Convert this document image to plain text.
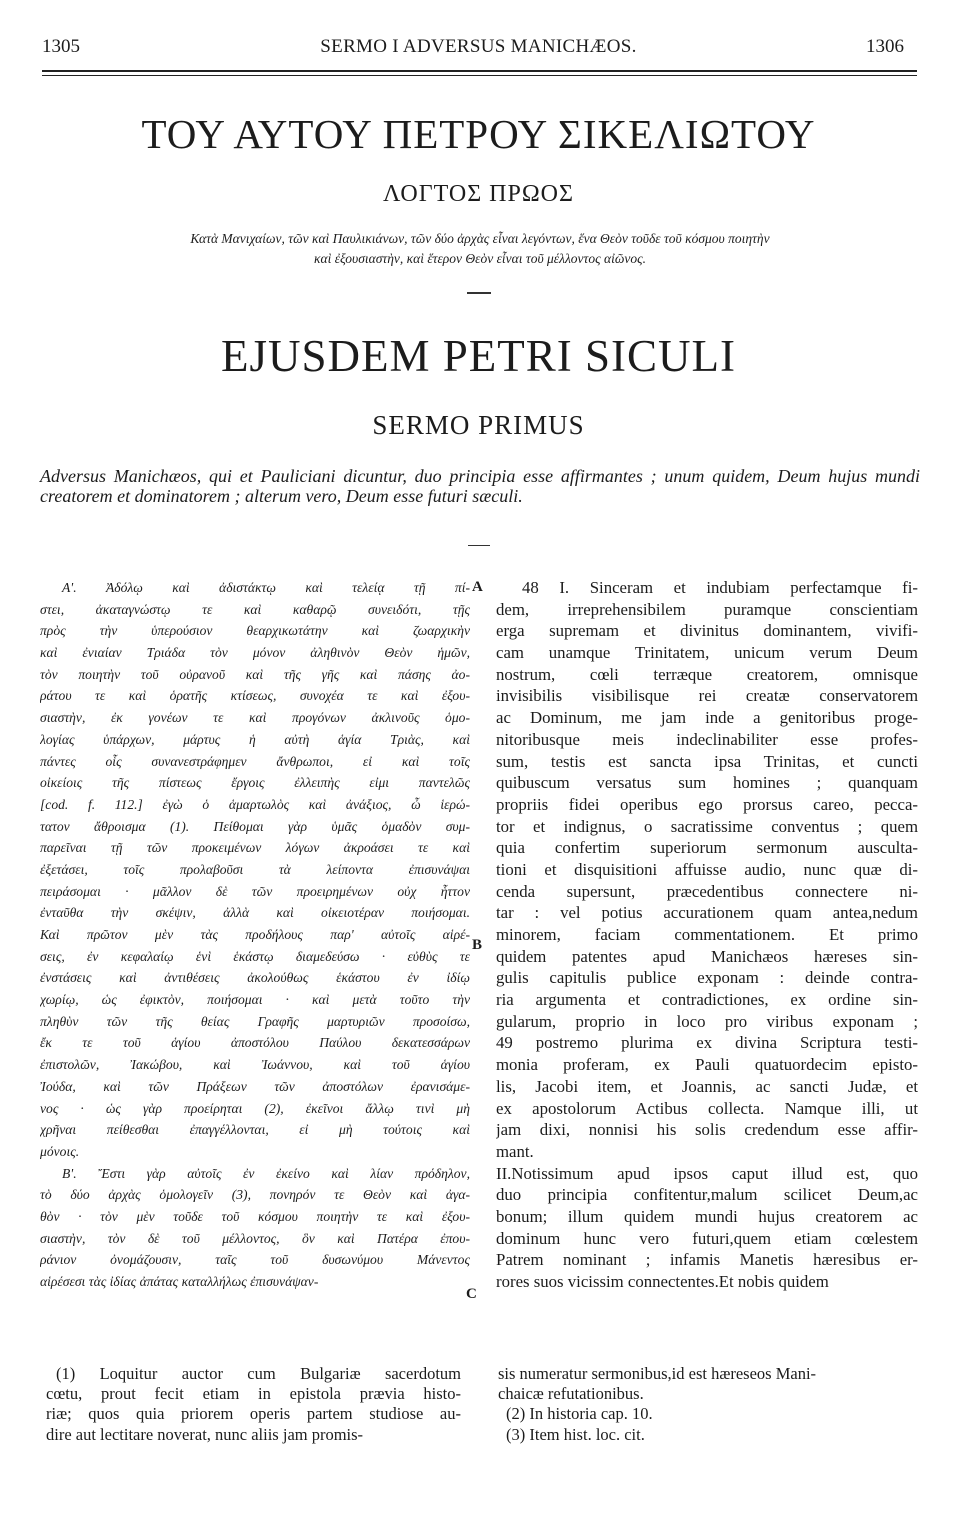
1305	SERMO I ADVERSUS MANICHÆOS.	1306
ΤΟΥ ΑΥΤΟΥ ΠΕΤΡΟΥ ΣΙΚΕΛΙΩΤΟΥ
ΛΟΓΤΟΣ ΠΡΩΟΣ
Κατὰ Μανιχαίων, τῶν καὶ Παυλικιάνων, τῶν δύο ἀρχὰς εἶναι λεγόντων, ἕνα Θεὸν τοῦδε τοῦ κόσμου ποιητὴν
καὶ ἐξουσιαστὴν, καὶ ἕτερον Θεὸν εἶναι τοῦ μέλλοντος αἰῶνος.
EJUSDEM PETRI SICULI
SERMO PRIMUS
Adversus Manichæos, qui et Pauliciani dicuntur, duo principia esse affirmantes ; unum quidem, Deum hujus mundi creatorem et dominatorem ; alterum vero, Deum esse futuri sæculi.
Α'. Ἀδόλῳ καὶ ἀδιστάκτῳ καὶ τελείᾳ τῇ πί-
στει, ἀκαταγνώστῳ τε καὶ καθαρῷ συνειδότι, τῇς
πρὸς τὴν ὑπερούσιον θεαρχικωτάτην καὶ ζωαρχικὴν
καὶ ἐνιαίαν Τριάδα τὸν μόνον ἀληθινὸν Θεὸν ἡμῶν,
τὸν ποιητὴν τοῦ οὐρανοῦ καὶ τῆς γῆς καὶ πάσης ἀο-
ράτου τε καὶ ὁρατῆς κτίσεως, συνοχέα τε καὶ ἐξου-
σιαστὴν, ἐκ γονέων τε καὶ προγόνων ἀκλινοῦς ὁμο-
λογίας ὑπάρχων, μάρτυς ἡ αὐτὴ ἁγία Τριὰς, καὶ
πάντες οἷς συνανεστράφημεν ἄνθρωποι, εἰ καὶ τοῖς
οἰκείοις τῆς πίστεως ἔργοις ἐλλειπὴς εἰμι παντελῶς
[cod. f. 112.] ἐγὼ ὁ ἁμαρτωλὸς καὶ ἀνάξιος, ὦ ἱερώ-
τατον ἄθροισμα (1). Πείθομαι γὰρ ὑμᾶς ὁμαδὸν συμ-
παρεῖναι τῇ τῶν προκειμένων λόγων ἀκροάσει τε καὶ
ἐξετάσει, τοῖς προλαβοῦσι τὰ λείποντα ἐπισυνάψαι
πειράσομαι · μᾶλλον δὲ τῶν προειρημένων οὐχ ἧττον
ἐνταῦθα τὴν σκέψιν, ἀλλὰ καὶ οἰκειοτέραν ποιήσομαι.
Καὶ πρῶτον μὲν τὰς προδήλους παρ' αὐτοῖς αἱρέ-
σεις, ἐν κεφαλαίῳ ἑνὶ ἑκάστῳ διαμεδεύσω · εὐθὺς τε
ἐνστάσεις καὶ ἀντιθέσεις ἀκολούθως ἑκάστου ἐν ἰδίῳ
χωρίῳ, ὡς ἐφικτὸν, ποιήσομαι · καὶ μετὰ τοῦτο τὴν
πληθὺν τῶν τῆς θείας Γραφῆς μαρτυριῶν προσοίσω,
ἔκ τε τοῦ ἁγίου ἀποστόλου Παύλου δεκατεσσάρων
ἐπιστολῶν, Ἰακώβου, καὶ Ἰωάννου, καὶ τοῦ ἁγίου
Ἰούδα, καὶ τῶν Πράξεων τῶν ἀποστόλων ἐρανισάμε-
νος · ὡς γὰρ προείρηται (2), ἐκεῖνοι ἄλλῳ τινὶ μὴ
χρῆναι πείθεσθαι ἐπαγγέλλονται, εἰ μὴ τούτοις καὶ
μόνοις.
Β'. Ἔστι γὰρ αὐτοῖς ἐν ἐκείνο καὶ λίαν πρόδηλον,
τὸ δύο ἀρχὰς ὁμολογεῖν (3), πονηρόν τε Θεὸν καὶ ἀγα-
θὸν · τὸν μὲν τοῦδε τοῦ κόσμου ποιητὴν τε καὶ ἐξου-
σιαστὴν, τὸν δὲ τοῦ μέλλοντος, ὃν καὶ Πατέρα ἐπου-
ράνιον ὀνομάζουσιν, ταῖς τοῦ δυσωνύμου Μάνεντος
αἱρέσεσι τὰς ἰδίας ἀπάτας καταλλήλως ἐπισυνάψαν-
48 I. Sinceram et indubiam perfectamque fi-
dem, irreprehensibilem puramque conscientiam
erga supremam et divinitus dominantem, vivifi-
cam unamque Trinitatem, unicum verum Deum
nostrum, cœli terræque creatorem, omnisque
invisibilis visibilisque rei creatæ conservatorem
ac Dominum, me jam inde a genitoribus proge-
nitoribusque meis indeclinabiliter esse profes-
sum, testis est sancta ipsa Trinitas, et cuncti
quibuscum versatus sum homines ; quanquam
propriis fidei operibus ego prorsus careo, pecca-
tor et indignus, o sacratissime conventus ; quem
quia confertim superiorum sermonum ausculta-
tioni et disquisitioni affuisse audio, nunc quæ di-
cenda supersunt, præcedentibus connectere ni-
tar : vel potius accurationem quam antea,nedum
minorem, faciam commentationem. Et primo
quidem patentes apud Manichæos hæreses sin-
gulis capitulis publice exponam : deinde contra-
ria argumenta et contradictiones, ex ordine sin-
gularum, proprio in loco pro viribus exponam ;
49 postremo plurima ex divina Scriptura testi-
monia proferam, ex Pauli quatuordecim episto-
lis, Jacobi item, et Joannis, ac sancti Judæ, et
ex apostolorum Actibus collecta. Namque illi, ut
jam dixi, nonnisi his solis credendum esse affir-
mant.
II.Notissimum apud ipsos caput illud est, quo
duo principia confitentur,malum scilicet Deum,ac
bonum; illum quidem mundi hujus creatorem ac
dominum hunc vero futuri,quem etiam cœlestem
Patrem nominant ; infamis Manetis hæresibus er-
rores suos vicissim connectentes.Et nobis quidem
A
B
C
(1) Loquitur auctor cum Bulgariæ sacerdotum
cœtu, prout fecit etiam in epistola prævia histo-
riæ; quos quia priorem operis partem studiose au-
dire aut lectitare noverat, nunc aliis jam promis-
sis numeratur sermonibus,id est hæreseos Mani-
chaicæ refutationibus.
(2) In historia cap. 10.
(3) Item hist. loc. cit.
